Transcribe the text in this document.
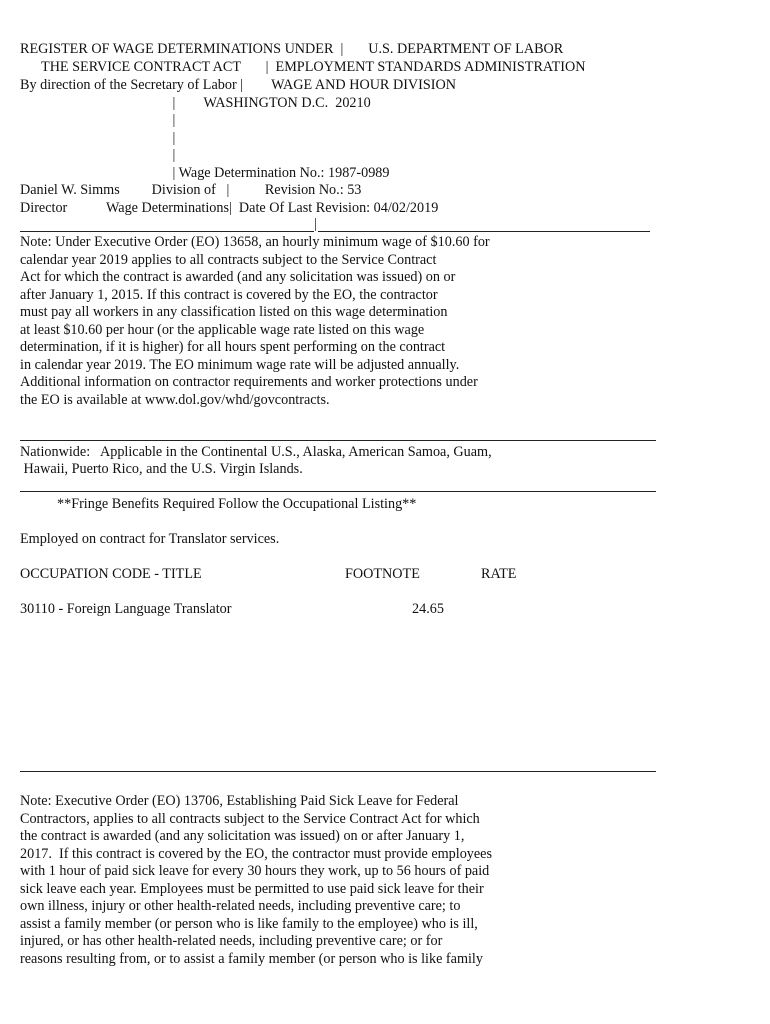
REGISTER OF WAGE DETERMINATIONS UNDER  |       U.S. DEPARTMENT OF LABOR
THE SERVICE CONTRACT ACT       |  EMPLOYMENT STANDARDS ADMINISTRATION
By direction of the Secretary of Labor |        WAGE AND HOUR DIVISION
|        WASHINGTON D.C.  20210
|
|
|
| Wage Determination No.: 1987-0989
Daniel W. Simms         Division of   |          Revision No.: 53
Director           Wage Determinations|  Date Of Last Revision: 04/02/2019
|
Note: Under Executive Order (EO) 13658, an hourly minimum wage of $10.60 for
calendar year 2019 applies to all contracts subject to the Service Contract
Act for which the contract is awarded (and any solicitation was issued) on or
after January 1, 2015. If this contract is covered by the EO, the contractor
must pay all workers in any classification listed on this wage determination
at least $10.60 per hour (or the applicable wage rate listed on this wage
determination, if it is higher) for all hours spent performing on the contract
in calendar year 2019. The EO minimum wage rate will be adjusted annually.
Additional information on contractor requirements and worker protections under
the EO is available at www.dol.gov/whd/govcontracts.
Nationwide:   Applicable in the Continental U.S., Alaska, American Samoa, Guam,
Hawaii, Puerto Rico, and the U.S. Virgin Islands.
**Fringe Benefits Required Follow the Occupational Listing**
Employed on contract for Translator services.
OCCUPATION CODE - TITLE	FOOTNOTE	RATE
30110 - Foreign Language Translator	24.65
Note: Executive Order (EO) 13706, Establishing Paid Sick Leave for Federal
Contractors, applies to all contracts subject to the Service Contract Act for which
the contract is awarded (and any solicitation was issued) on or after January 1,
2017.  If this contract is covered by the EO, the contractor must provide employees
with 1 hour of paid sick leave for every 30 hours they work, up to 56 hours of paid
sick leave each year. Employees must be permitted to use paid sick leave for their
own illness, injury or other health-related needs, including preventive care; to
assist a family member (or person who is like family to the employee) who is ill,
injured, or has other health-related needs, including preventive care; or for
reasons resulting from, or to assist a family member (or person who is like family
